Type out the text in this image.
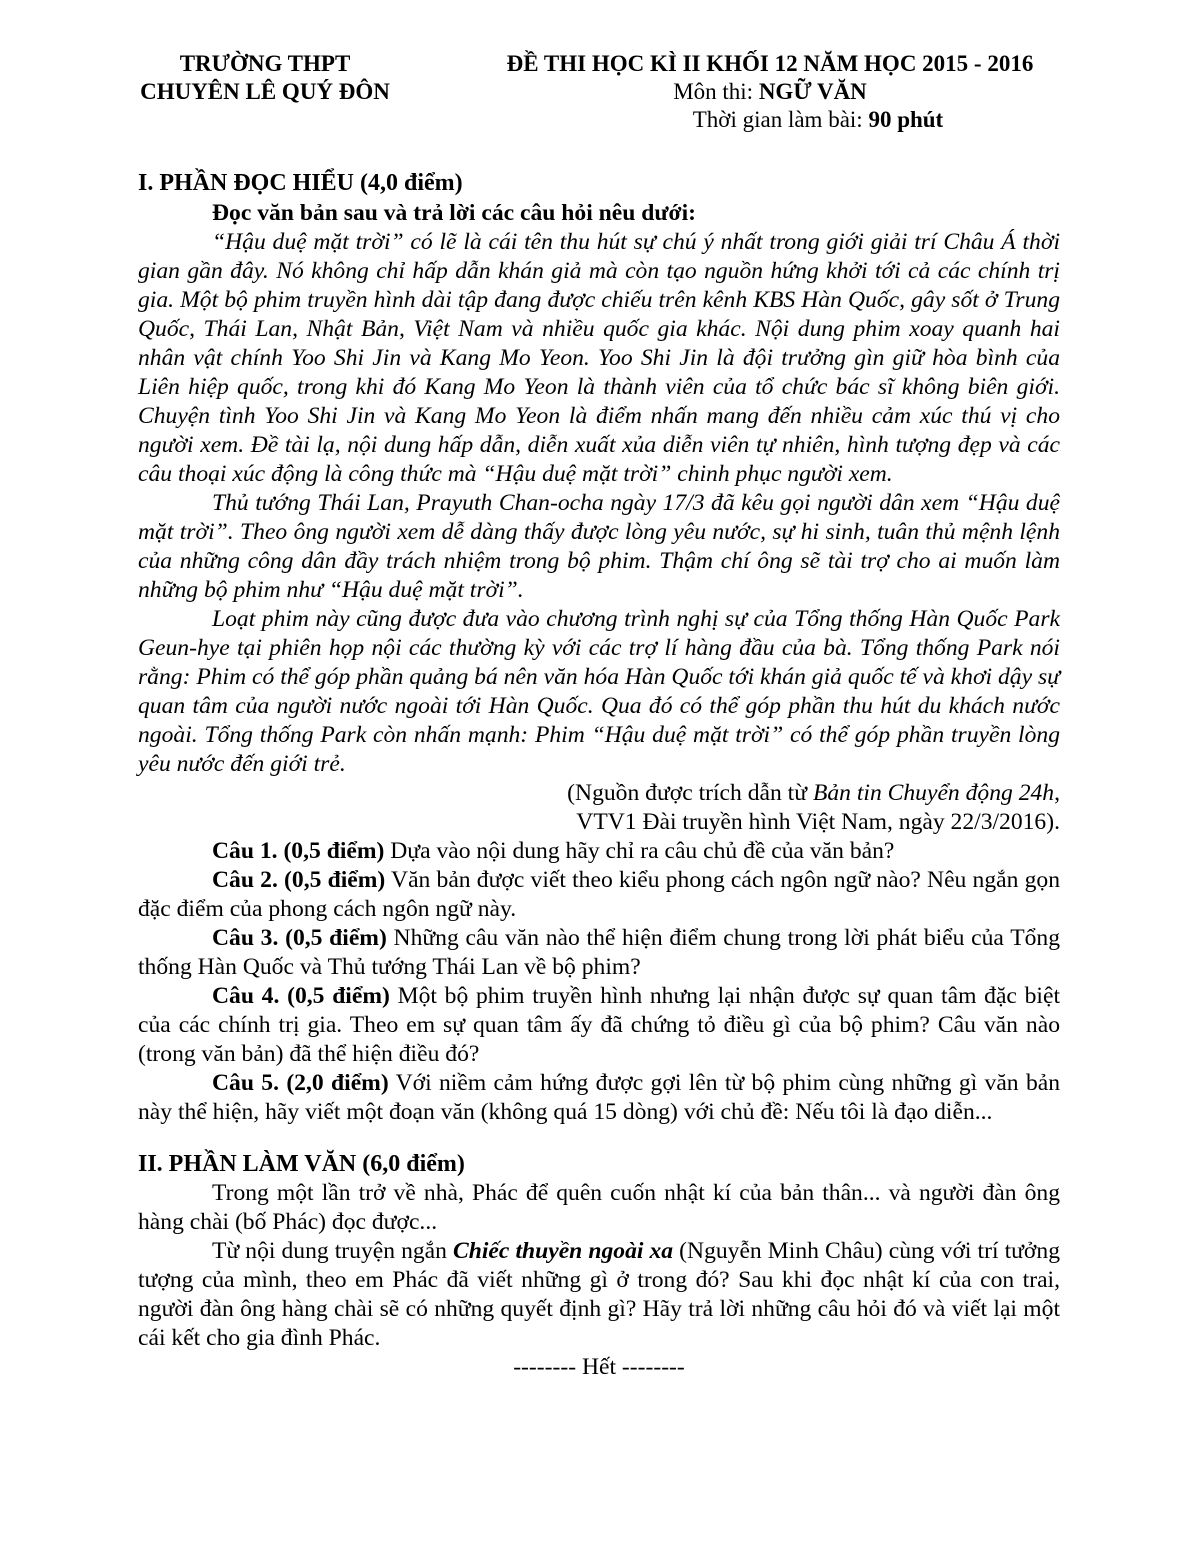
TRƯỜNG THPT
CHUYÊN LÊ QUÝ ĐÔN
ĐỀ THI HỌC KÌ II KHỐI 12 NĂM HỌC 2015 - 2016
Môn thi: NGỮ VĂN
Thời gian làm bài: 90 phút
I. PHẦN ĐỌC HIỂU (4,0 điểm)
Đọc văn bản sau và trả lời các câu hỏi nêu dưới:

“Hậu duệ mặt trời” có lẽ là cái tên thu hút sự chú ý nhất trong giới giải trí Châu Á thời gian gần đây. Nó không chỉ hấp dẫn khán giả mà còn tạo nguồn hứng khởi tới cả các chính trị gia. Một bộ phim truyền hình dài tập đang được chiếu trên kênh KBS Hàn Quốc, gây sốt ở Trung Quốc, Thái Lan, Nhật Bản, Việt Nam và nhiều quốc gia khác. Nội dung phim xoay quanh hai nhân vật chính Yoo Shi Jin và Kang Mo Yeon. Yoo Shi Jin là đội trưởng gìn giữ hòa bình của Liên hiệp quốc, trong khi đó Kang Mo Yeon là thành viên của tổ chức bác sĩ không biên giới. Chuyện tình Yoo Shi Jin và Kang Mo Yeon là điểm nhấn mang đến nhiều cảm xúc thú vị cho người xem. Đề tài lạ, nội dung hấp dẫn, diễn xuất xủa diễn viên tự nhiên, hình tượng đẹp và các câu thoại xúc động là công thức mà “Hậu duệ mặt trời” chinh phục người xem.

Thủ tướng Thái Lan, Prayuth Chan-ocha ngày 17/3 đã kêu gọi người dân xem “Hậu duệ mặt trời”. Theo ông người xem dễ dàng thấy được lòng yêu nước, sự hi sinh, tuân thủ mệnh lệnh của những công dân đầy trách nhiệm trong bộ phim. Thậm chí ông sẽ tài trợ cho ai muốn làm những bộ phim như “Hậu duệ mặt trời”.

Loạt phim này cũng được đưa vào chương trình nghị sự của Tổng thống Hàn Quốc Park Geun-hye tại phiên họp nội các thường kỳ với các trợ lí hàng đầu của bà. Tổng thống Park nói rằng: Phim có thể góp phần quảng bá nên văn hóa Hàn Quốc tới khán giả quốc tế và khơi dậy sự quan tâm của người nước ngoài tới Hàn Quốc. Qua đó có thể góp phần thu hút du khách nước ngoài. Tổng thống Park còn nhấn mạnh: Phim “Hậu duệ mặt trời” có thể góp phần truyền lòng yêu nước đến giới trẻ.

(Nguồn được trích dẫn từ Bản tin Chuyển động 24h,

VTV1 Đài truyền hình Việt Nam, ngày 22/3/2016).

Câu 1. (0,5 điểm) Dựa vào nội dung hãy chỉ ra câu chủ đề của văn bản?

Câu 2. (0,5 điểm) Văn bản được viết theo kiểu phong cách ngôn ngữ nào? Nêu ngắn gọn đặc điểm của phong cách ngôn ngữ này.

Câu 3. (0,5 điểm) Những câu văn nào thể hiện điểm chung trong lời phát biểu của Tổng thống Hàn Quốc và Thủ tướng Thái Lan về bộ phim?

Câu 4. (0,5 điểm) Một bộ phim truyền hình nhưng lại nhận được sự quan tâm đặc biệt của các chính trị gia. Theo em sự quan tâm ấy đã chứng tỏ điều gì của bộ phim? Câu văn nào (trong văn bản) đã thể hiện điều đó?

Câu 5. (2,0 điểm) Với niềm cảm hứng được gợi lên từ bộ phim cùng những gì văn bản này thể hiện, hãy viết một đoạn văn (không quá 15 dòng) với chủ đề: Nếu tôi là đạo diễn...

II. PHẦN LÀM VĂN (6,0 điểm)

Trong một lần trở về nhà, Phác để quên cuốn nhật kí của bản thân... và người đàn ông hàng chài (bố Phác) đọc được...

Từ nội dung truyện ngắn Chiếc thuyền ngoài xa (Nguyễn Minh Châu) cùng với trí tưởng tượng của mình, theo em Phác đã viết những gì ở trong đó? Sau khi đọc nhật kí của con trai, người đàn ông hàng chài sẽ có những quyết định gì? Hãy trả lời những câu hỏi đó và viết lại một cái kết cho gia đình Phác.

-------- Hết --------
